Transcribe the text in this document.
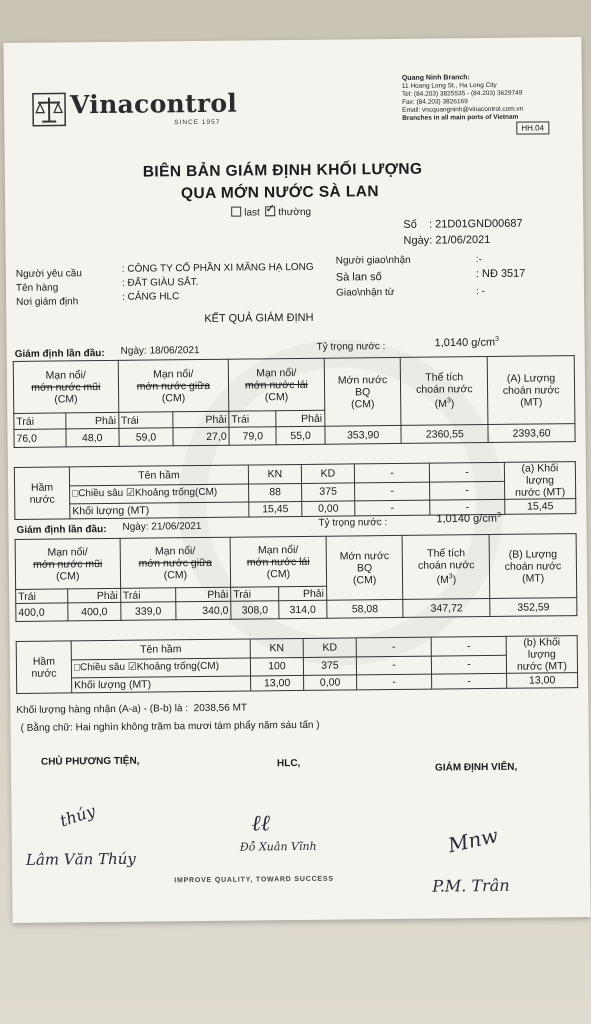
Vinacontrol
SINCE 1957
Quang Ninh Branch:
11 Hoang Long St., Ha Long City
Tel: (84.203) 3825535 - (84.203) 3629749
Fax: (84.203) 3826169
Email: vncquangninh@vinacontrol.com.vn
Branches in all main ports of Vietnam
HH.04
BIÊN BẢN GIÁM ĐỊNH KHỐI LƯỢNG
QUA MỚN NƯỚC SÀ LAN
last ✓ thường
Số : 21D01GND00687
Ngày: 21/06/2021
Người yêu cầu	: CÔNG TY CỔ PHẦN XI MĂNG HẠ LONG
Tên hàng	: ĐẤT GIÀU SẮT.
Nơi giám định	: CẢNG HLC
Người giao\nhận	:-
Sà lan số	: NĐ 3517
Giao\nhận từ	: -
KẾT QUẢ GIÁM ĐỊNH
Giám định lần đầu: Ngày: 18/06/2021	Tỷ trọng nước :	1,0140 $g/cm^3$
Mạn nổi/
mớn nước mũi
(CM)		Mạn nổi/
mớn nước giữa
(CM)		Mạn nổi/
mớn nước lái
(CM)		Mớn nước
BQ
(CM)	Thể tích
choán nước
$(M^3)$	(A) Lượng
choán nước
(MT)
Trái	Phải	Trái	Phải	Trái	Phải			
76,0	48,0	59,0	27,0	79,0	55,0	353,90	2360,55	2393,60
Hầm
nước	Tên hầm	KN	KD	-	-	(a) Khối lượng
nước (MT)
	□Chiều sâu ☑Khoảng trống(CM)	88	375	-	-	
	Khối lượng (MT)	15,45	0,00	-	-	15,45
Giám định lần đầu: Ngày: 21/06/2021	Tỷ trọng nước :	1,0140 $g/cm^3$
Mạn nổi/
mớn nước mũi
(CM)		Mạn nổi/
mớn nước giữa
(CM)		Mạn nổi/
mớn nước lái
(CM)		Mớn nước
BQ
(CM)	Thể tích
choán nước
$(M^3)$	(B) Lượng
choán nước
(MT)
Trái	Phải	Trái	Phải	Trái	Phải			
400,0	400,0	339,0	340,0	308,0	314,0	58,08	347,72	352,59
Hầm
nước	Tên hầm	KN	KD	-	-	(b) Khối lượng
nước (MT)
	□Chiều sâu ☑Khoảng trống(CM)	100	375	-	-	
	Khối lượng (MT)	13,00	0,00	-	-	13,00
Khối lượng hàng nhận (A-a) - (B-b) là : 2038,56 MT
( Bằng chữ: Hai nghìn không trăm ba mươi tám phẩy năm sáu tấn )
CHỦ PHƯƠNG TIỆN,	HLC,	GIÁM ĐỊNH VIÊN,
thúy
Lâm Văn Thúy
ℓℓ
Đỗ Xuân Vĩnh	Mnw
P.M. Trân
IMPROVE QUALITY, TOWARD SUCCESS
